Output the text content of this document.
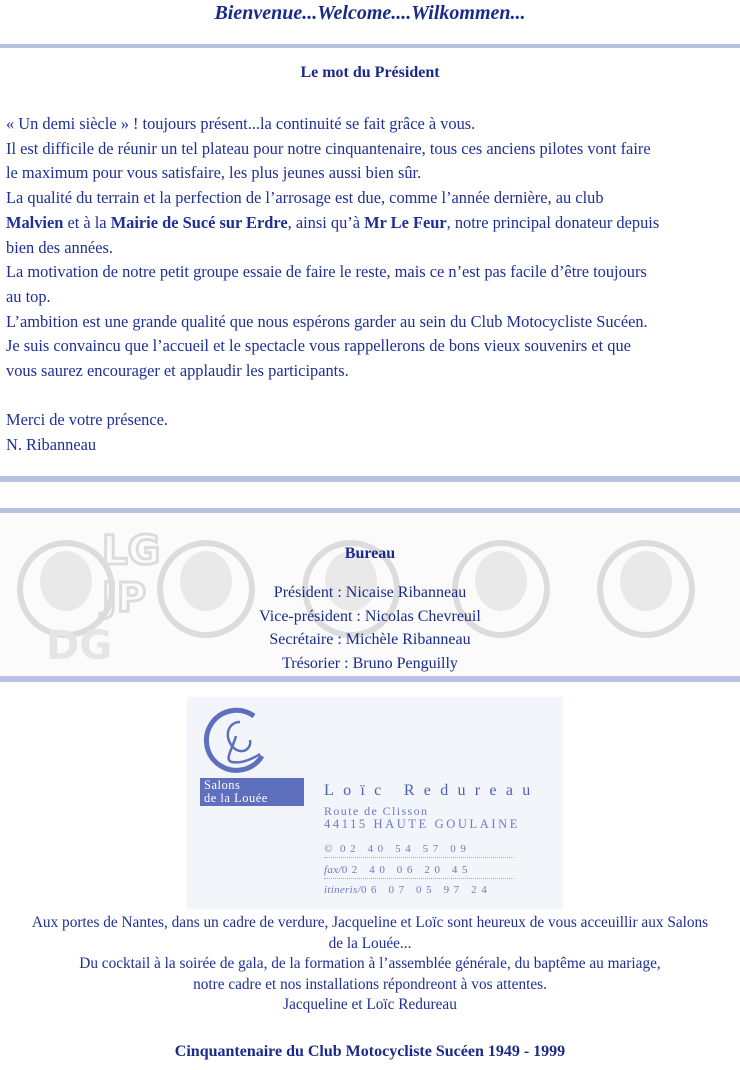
Bienvenue...Welcome....Wilkommen...
Le mot du Président

« Un demi siècle » ! toujours présent...la continuité se fait grâce à vous.

Il est difficile de réunir un tel plateau pour notre cinquantenaire, tous ces anciens pilotes vont faire

le maximum pour vous satisfaire, les plus jeunes aussi bien sûr.

La qualité du terrain et la perfection de l’arrosage est due, comme l’année dernière, au club

Malvien et à la Mairie de Sucé sur Erdre, ainsi qu’à Mr Le Feur, notre principal donateur depuis

bien des années.

La motivation de notre petit groupe essaie de faire le reste, mais ce n’est pas facile d’être toujours

au top.

L’ambition est une grande qualité que nous espérons garder au sein du Club Motocycliste Sucéen.

Je suis convaincu que l’accueil et le spectacle vous rappellerons de bons vieux souvenirs et que

vous saurez encourager et applaudir les participants.

Merci de votre présence.

N. Ribanneau

LG
JP
DG
Bureau
Président : Nicaise Ribanneau
Vice-président : Nicolas Chevreuil
Secrétaire : Michèle Ribanneau
Trésorier : Bruno Penguilly
Salons
de la Louée	Loïc Redureau
Route de Clisson
44115 HAUTE GOULAINE
© 02 40 54 57 09
fax/02 40 06 20 45
itineris/06 07 05 97 24
Aux portes de Nantes, dans un cadre de verdure, Jacqueline et Loïc sont heureux de vous acceuillir aux Salons
de la Louée...
Du cocktail à la soirée de gala, de la formation à l’assemblée générale, du baptême au mariage,
notre cadre et nos installations répondreont à vos attentes.
Jacqueline et Loïc Redureau
Cinquantenaire du Club Motocycliste Sucéen 1949 - 1999
